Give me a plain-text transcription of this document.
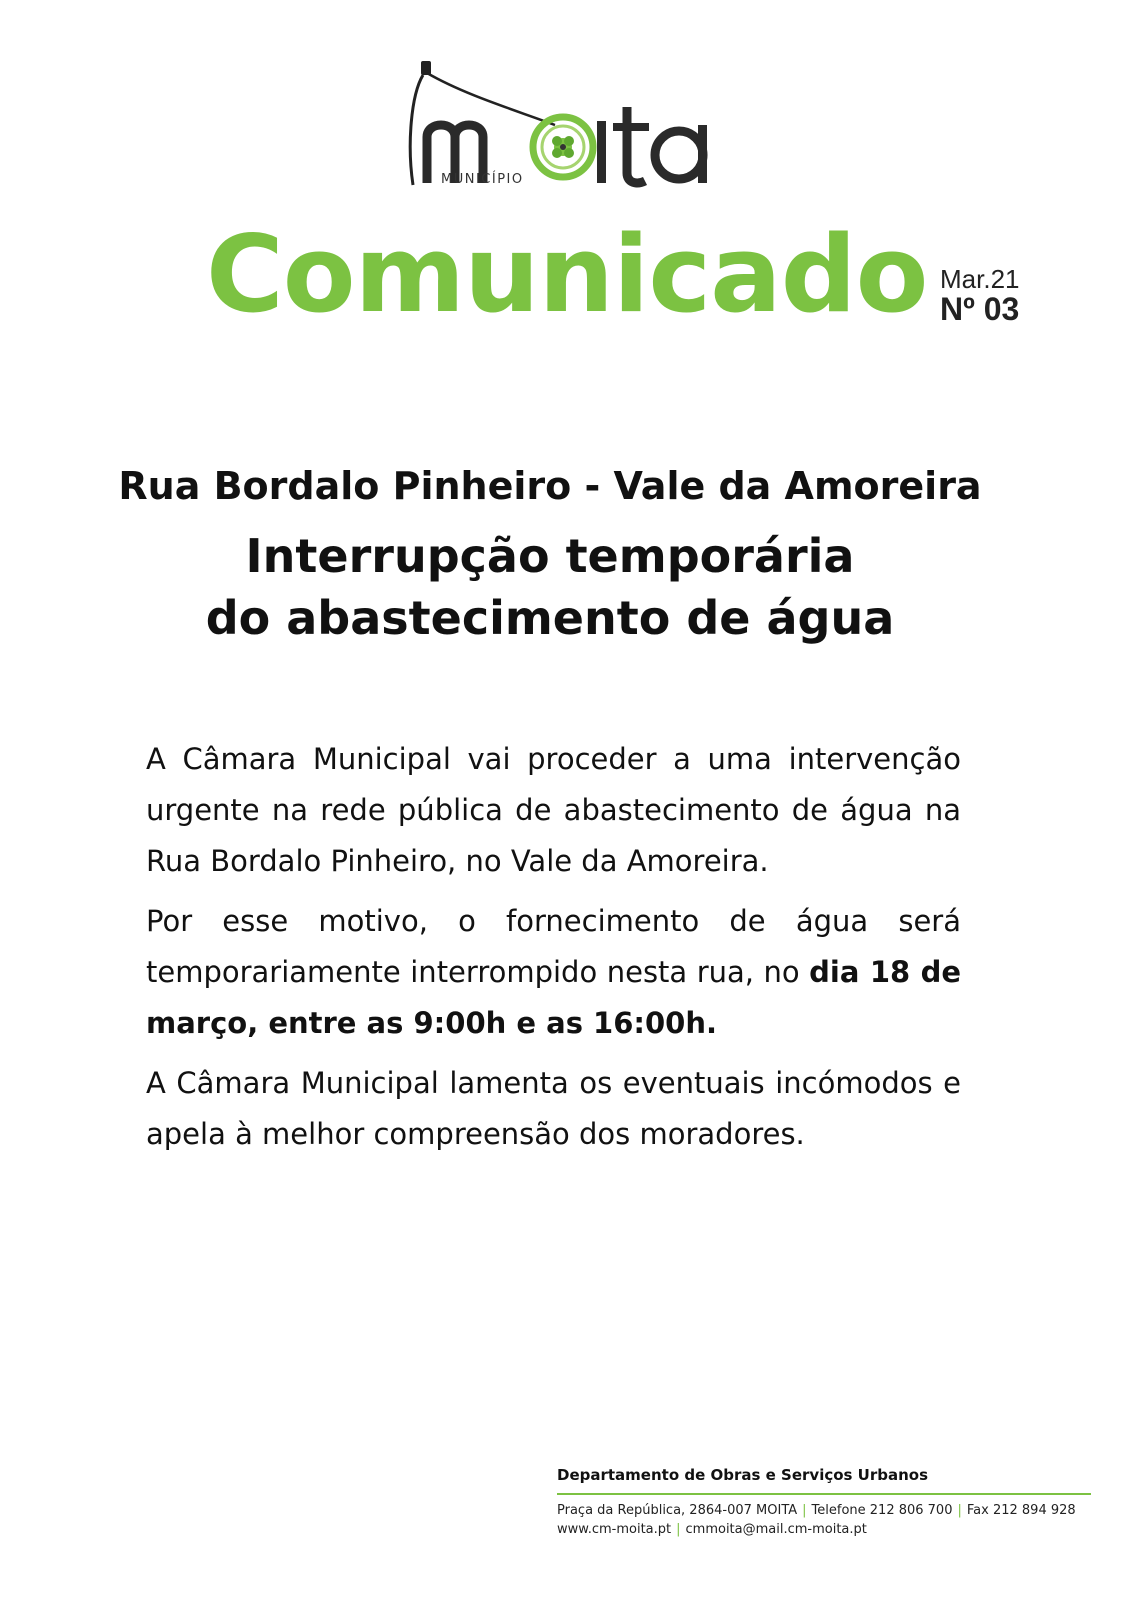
MUNICÍPIO
Comunicado Mar.21
Nº 03
Rua Bordalo Pinheiro - Vale da Amoreira
Interrupção temporária
do abastecimento de água

A Câmara Municipal vai proceder a uma intervenção urgente na rede pública de abastecimento de água na Rua Bordalo Pinheiro, no Vale da Amoreira.

Por esse motivo, o fornecimento de água será temporariamente interrompido nesta rua, no dia 18 de março, entre as 9:00h e as 16:00h.

A Câmara Municipal lamenta os eventuais incómodos e apela à melhor compreensão dos moradores.

Departamento de Obras e Serviços Urbanos
Praça da República, 2864-007 MOITA | Telefone 212 806 700 | Fax 212 894 928
www.cm-moita.pt | cmmoita@mail.cm-moita.pt
